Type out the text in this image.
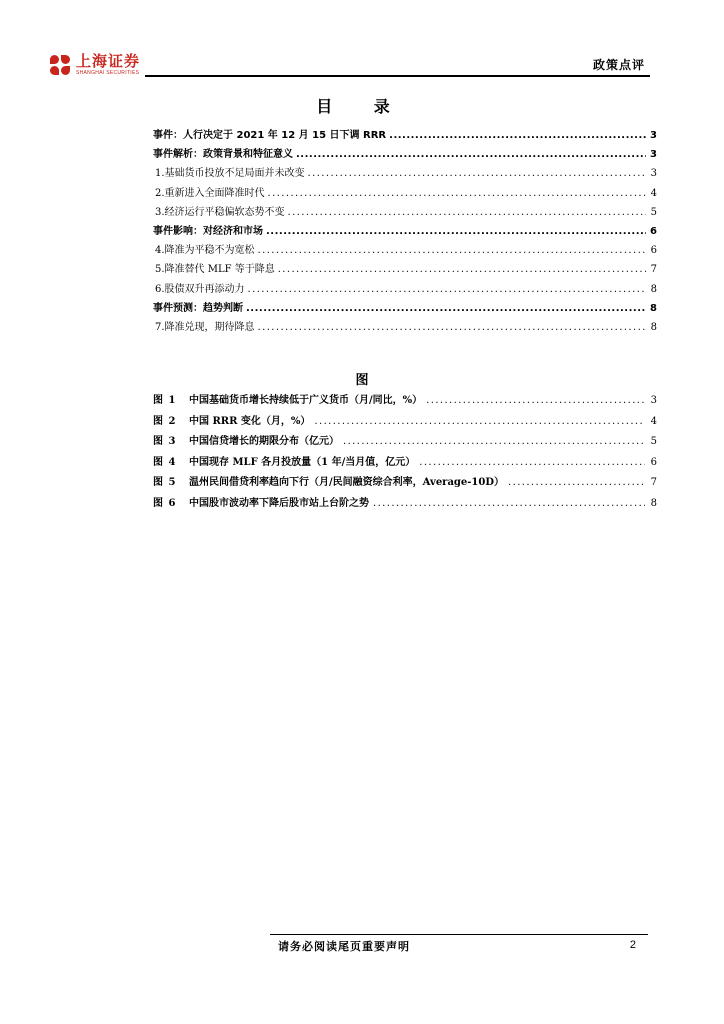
上海证券
SHANGHAI SECURITIES
政策点评
目 录
事件：人行决定于 2021 年 12 月 15 日下调 RRR .....	3
事件解析：政策背景和特征意义 .....	3
1.基础货币投放不足局面并未改变 .....	3
2.重新进入全面降准时代 .....	4
3.经济运行平稳偏软态势不变 .....	5
事件影响：对经济和市场 .....	6
4.降准为平稳不为宽松 .....	6
5.降准替代 MLF 等于降息 .....	7
6.股债双升再添动力 .....	8
事件预测：趋势判断 .....	8
7.降准兑现，期待降息 .....	8
图
图 1	中国基础货币增长持续低于广义货币（月/同比，%） .....	3
图 2	中国 RRR 变化（月，%） .....	4
图 3	中国信贷增长的期限分布（亿元） .....	5
图 4	中国现存 MLF 各月投放量（1 年/当月值，亿元） .....	6
图 5	温州民间借贷利率趋向下行（月/民间融资综合利率，Average-10D） .....	7
图 6	中国股市波动率下降后股市站上台阶之势 .....	8
请务必阅读尾页重要声明	2
